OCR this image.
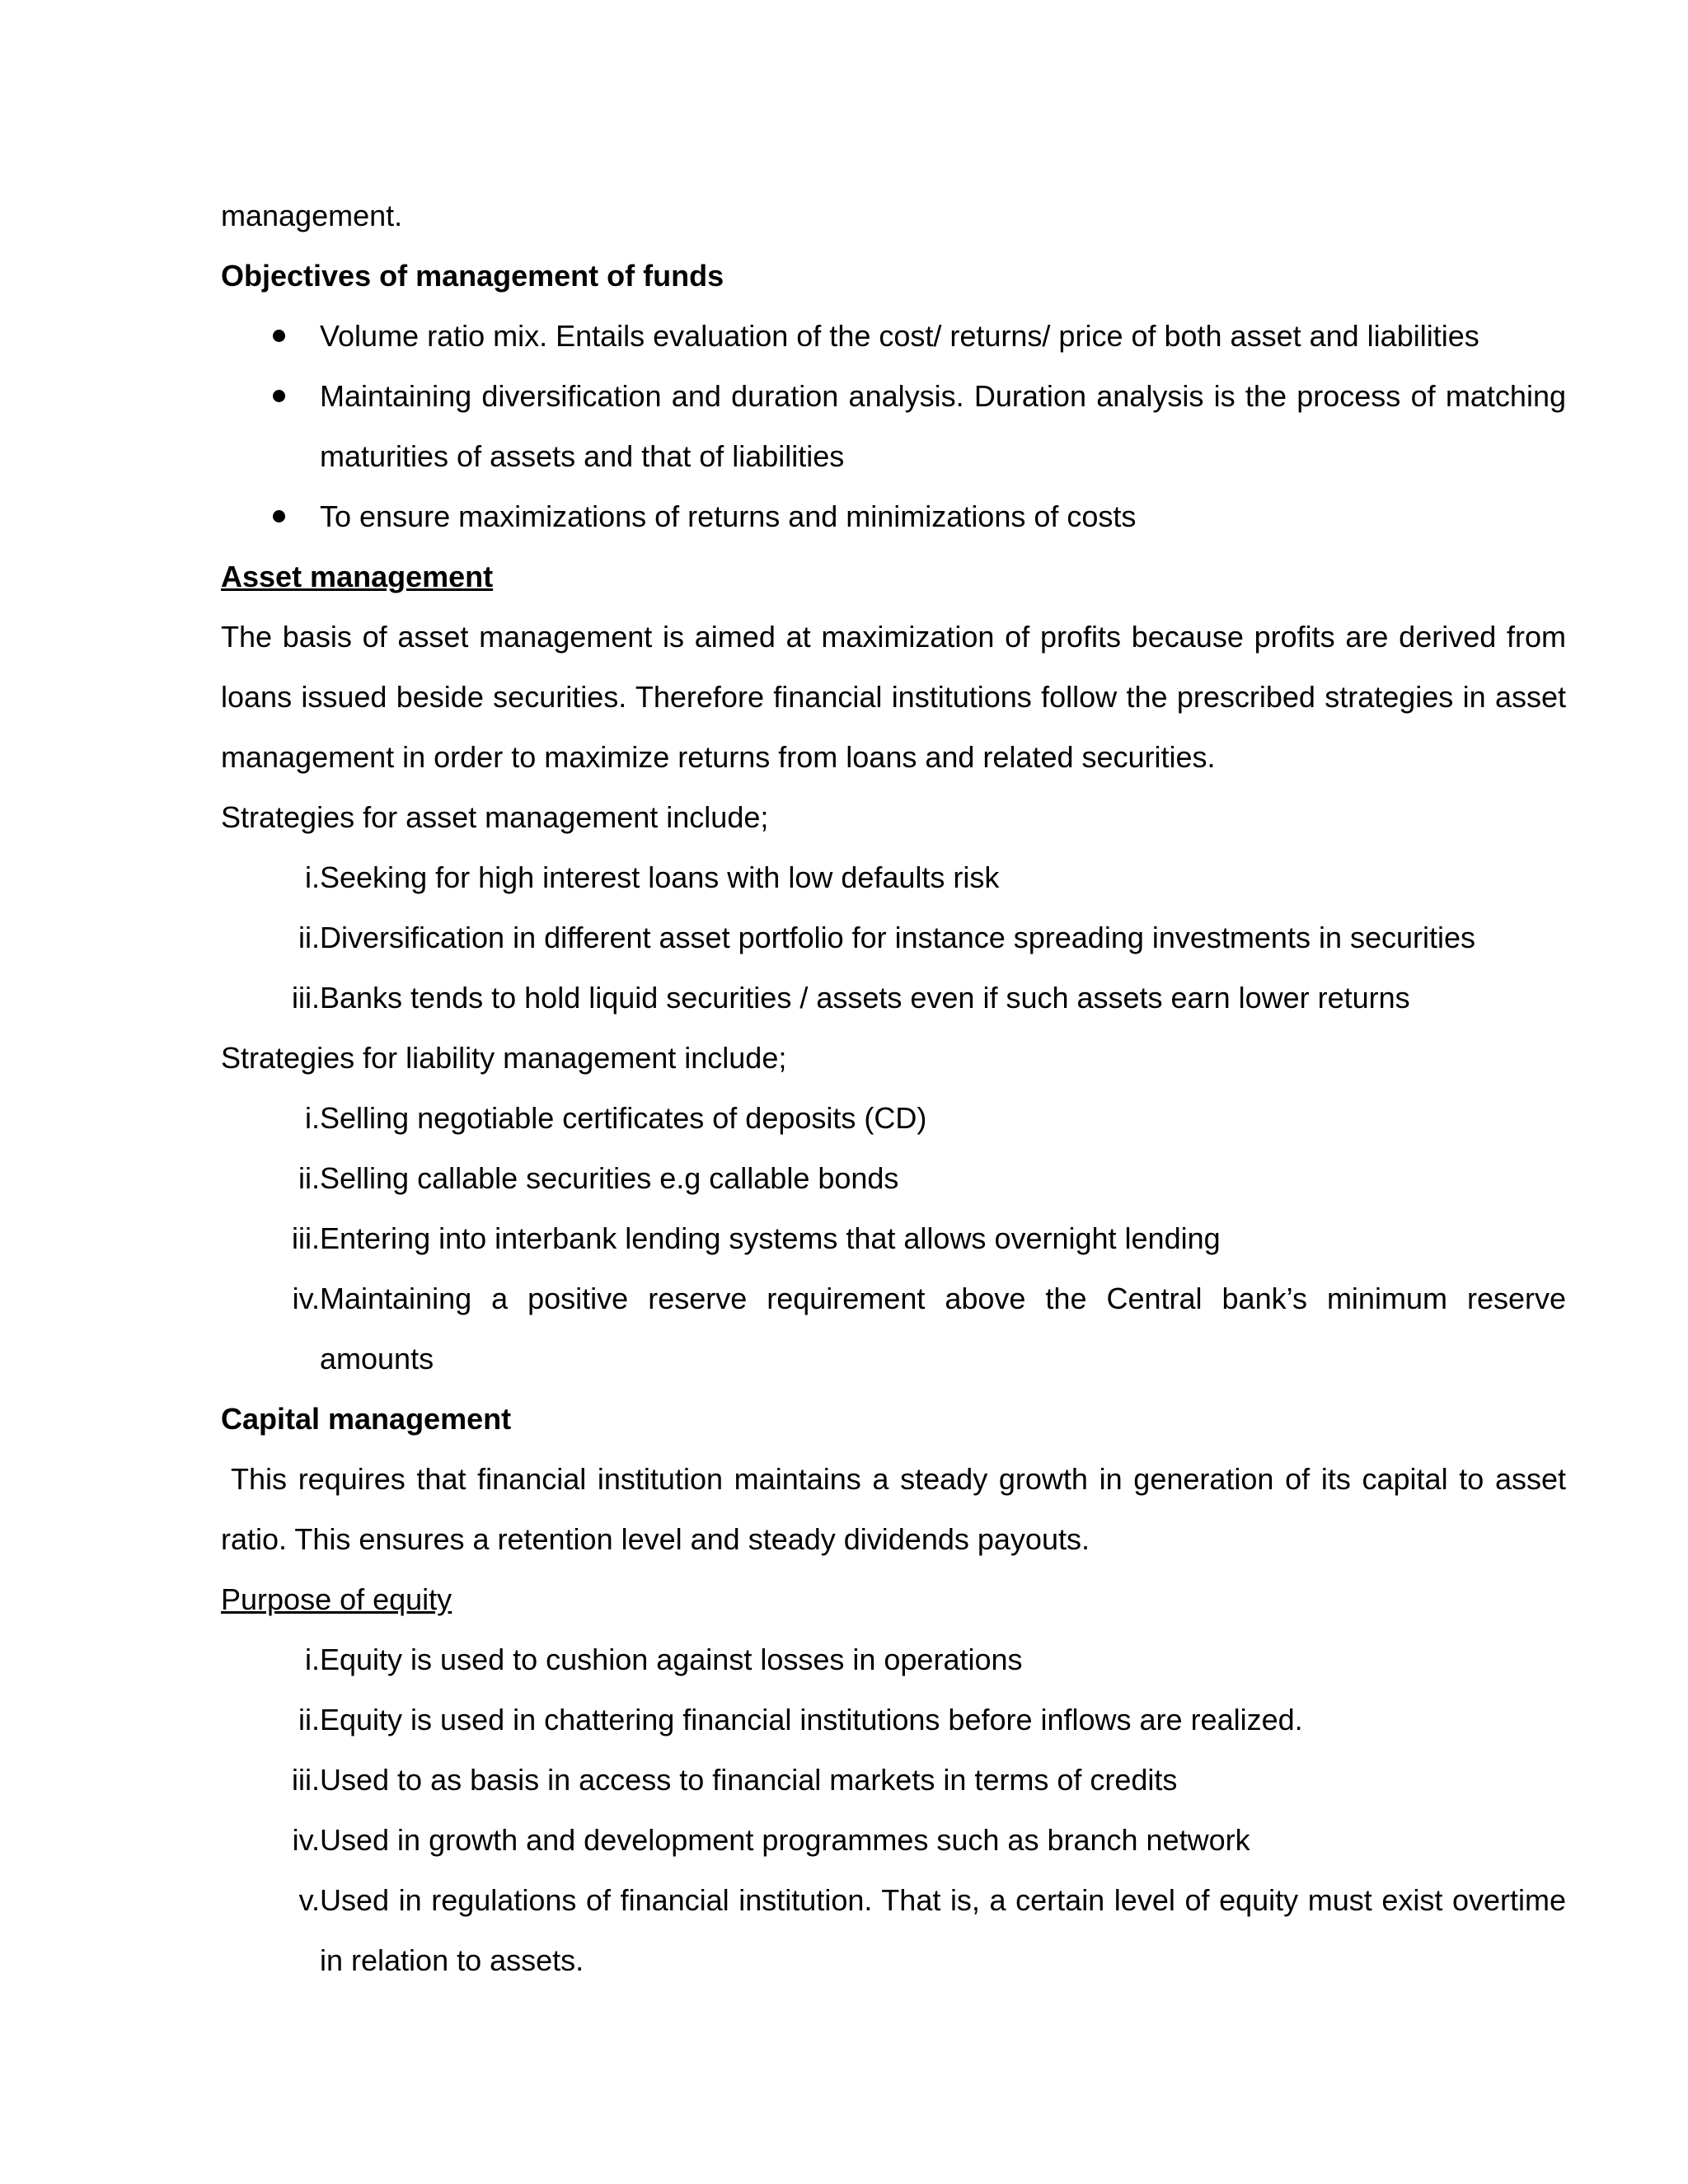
management.

Objectives of management of funds

Volume ratio mix. Entails evaluation of the cost/ returns/ price of both asset and liabilities
Maintaining diversification and duration analysis. Duration analysis is the process of matching maturities of assets and that of liabilities
To ensure maximizations of returns and minimizations of costs

Asset management

The basis of asset management is aimed at maximization of profits because profits are derived from loans issued beside securities. Therefore financial institutions follow the prescribed strategies in asset management in order to maximize returns from loans and related securities.

Strategies for asset management include;

i. Seeking for high interest loans with low defaults risk
ii. Diversification in different asset portfolio for instance spreading investments in securities
iii. Banks tends to hold liquid securities / assets even if such assets earn lower returns

Strategies for liability management include;

i. Selling negotiable certificates of deposits (CD)
ii. Selling callable securities e.g callable bonds
iii. Entering into interbank lending systems that allows overnight lending
iv. Maintaining a positive reserve requirement above the Central bank’s minimum reserve amounts

Capital management

This requires that financial institution maintains a steady growth in generation of its capital to asset ratio. This ensures a retention level and steady dividends payouts.

Purpose of equity

i. Equity is used to cushion against losses in operations
ii. Equity is used in chattering financial institutions before inflows are realized.
iii. Used to as basis in access to financial markets in terms of credits
iv. Used in growth and development programmes such as branch network
v. Used in regulations of financial institution. That is, a certain level of equity must exist overtime in relation to assets.
